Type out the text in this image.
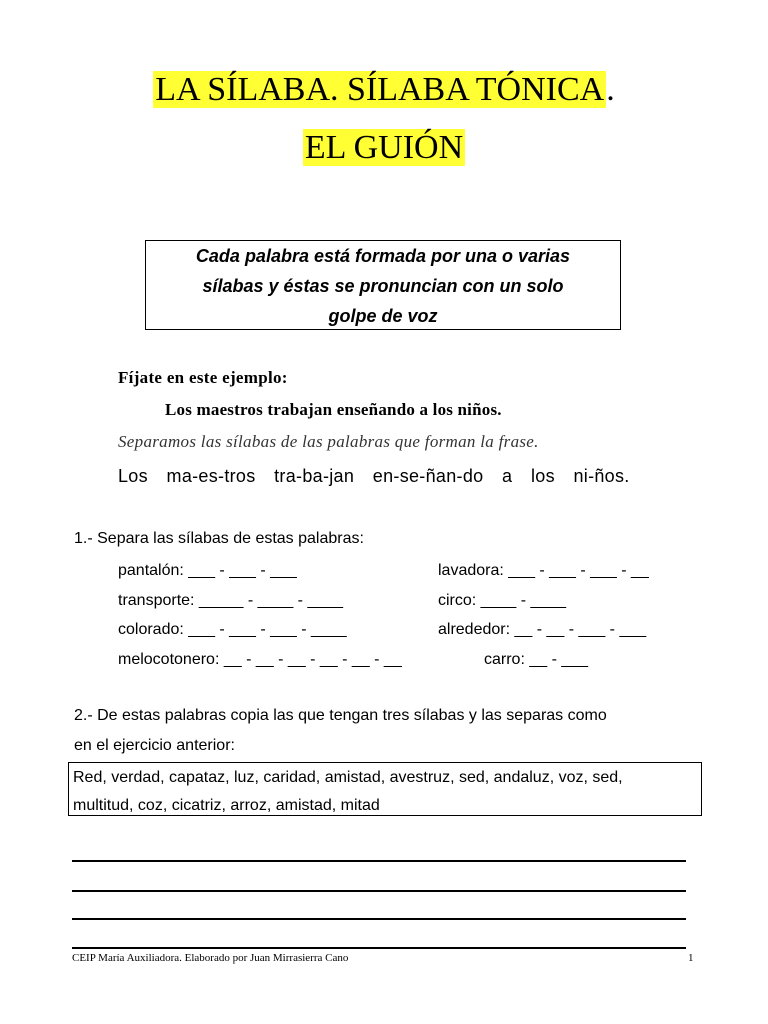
LA SÍLABA. SÍLABA TÓNICA.
EL GUIÓN
Cada palabra está formada por una o varias
sílabas y éstas se pronuncian con un solo
golpe de voz
Fíjate en este ejemplo:
Los maestros trabajan enseñando a los niños.
Separamos las sílabas de las palabras que forman la frase.
Los  ma-es-tros  tra-ba-jan  en-se-ñan-do  a  los  ni-ños.
1.- Separa las sílabas de estas palabras:
pantalón: ___ - ___ - ___
transporte: _____ - ____ - ____
colorado: ___ - ___ - ___ - ____
melocotonero: __ - __ - __ - __ - __ - __
lavadora: ___ - ___ - ___ - __
circo: ____ - ____
alrededor: __ - __ - ___ - ___
carro: __ - ___
2.- De estas palabras copia las que tengan tres sílabas y las separas como
en el ejercicio anterior:
Red, verdad, capataz, luz, caridad, amistad, avestruz, sed, andaluz, voz, sed,
multitud, coz, cicatriz, arroz, amistad, mitad
CEIP María Auxiliadora. Elaborado por Juan Mirrasierra Cano	1
